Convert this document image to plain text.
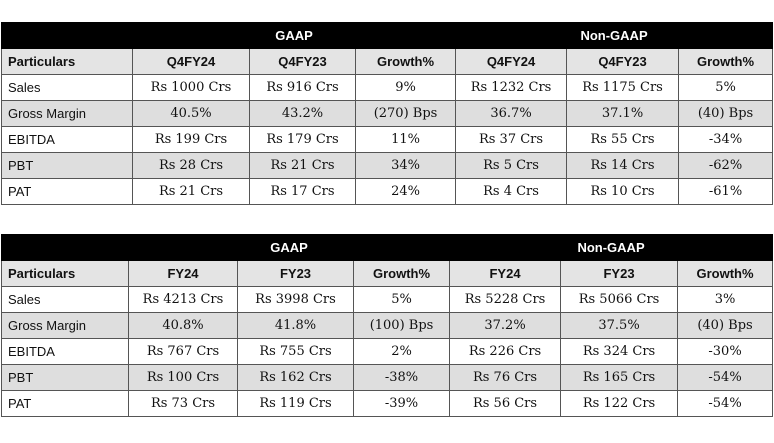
	GAAP			Non-GAAP		
Particulars	Q4FY24	Q4FY23	Growth%	Q4FY24	Q4FY23	Growth%
Sales	Rs 1000 Crs	Rs 916 Crs	9%	Rs 1232 Crs	Rs 1175 Crs	5%
Gross Margin	40.5%	43.2%	(270) Bps	36.7%	37.1%	(40) Bps
EBITDA	Rs 199 Crs	Rs 179 Crs	11%	Rs 37 Crs	Rs 55 Crs	-34%
PBT	Rs 28 Crs	Rs 21 Crs	34%	Rs 5 Crs	Rs 14 Crs	-62%
PAT	Rs 21 Crs	Rs 17 Crs	24%	Rs 4 Crs	Rs 10 Crs	-61%
	GAAP			Non-GAAP		
Particulars	FY24	FY23	Growth%	FY24	FY23	Growth%
Sales	Rs 4213 Crs	Rs 3998 Crs	5%	Rs 5228 Crs	Rs 5066 Crs	3%
Gross Margin	40.8%	41.8%	(100) Bps	37.2%	37.5%	(40) Bps
EBITDA	Rs 767 Crs	Rs 755 Crs	2%	Rs 226 Crs	Rs 324 Crs	-30%
PBT	Rs 100 Crs	Rs 162 Crs	-38%	Rs 76 Crs	Rs 165 Crs	-54%
PAT	Rs 73 Crs	Rs 119 Crs	-39%	Rs 56 Crs	Rs 122 Crs	-54%
